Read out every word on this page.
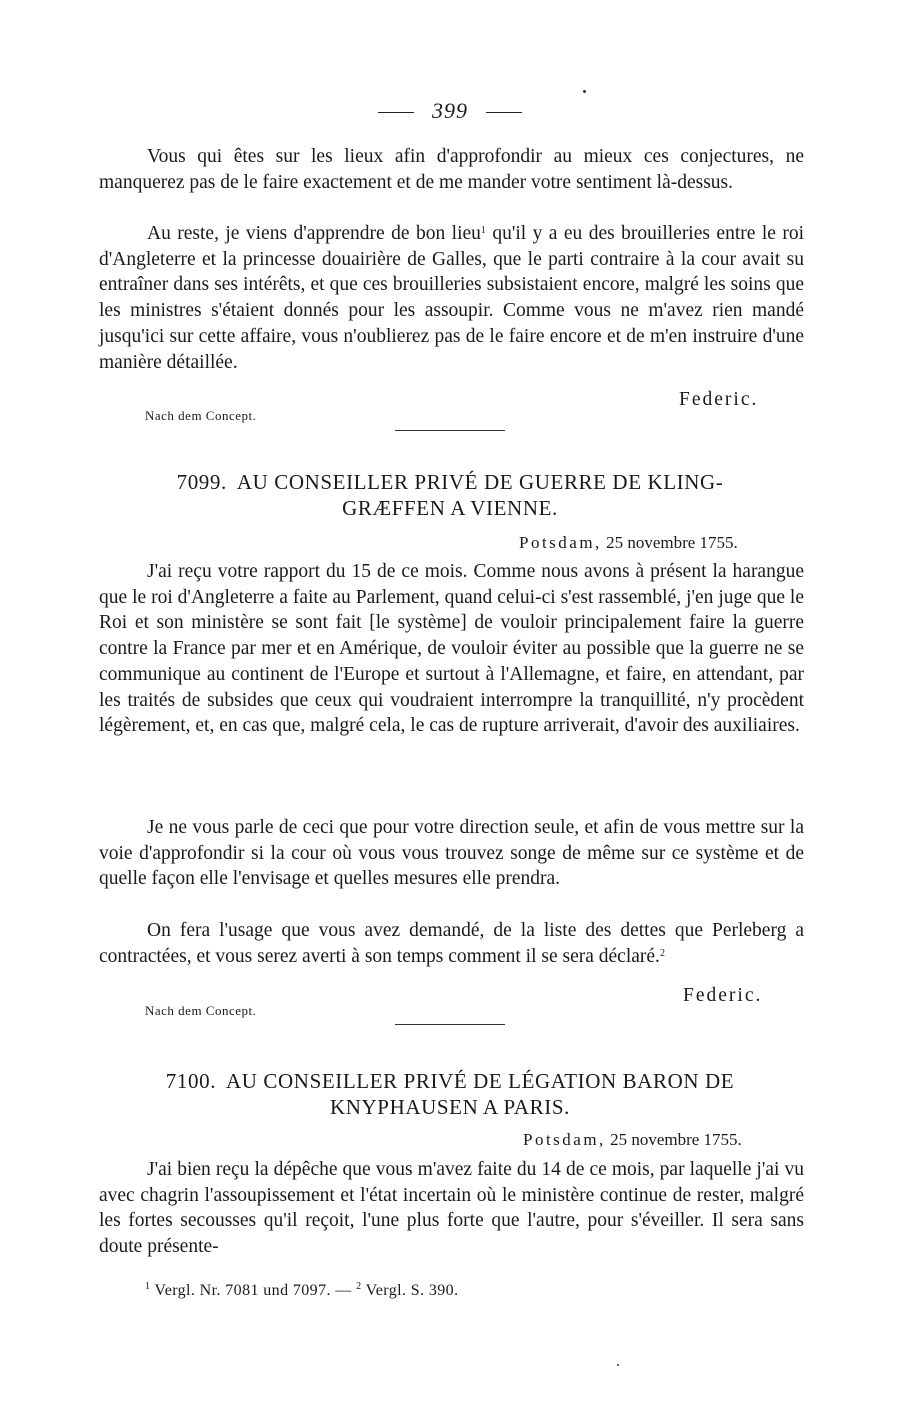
399

Vous qui êtes sur les lieux afin d'approfondir au mieux ces conjectures, ne manquerez pas de le faire exactement et de me mander votre sentiment là-dessus.

Au reste, je viens d'apprendre de bon lieu$^1$ qu'il y a eu des brouilleries entre le roi d'Angleterre et la princesse douairière de Galles, que le parti contraire à la cour avait su entraîner dans ses intérêts, et que ces brouilleries subsistaient encore, malgré les soins que les ministres s'étaient donnés pour les assoupir. Comme vous ne m'avez rien mandé jusqu'ici sur cette affaire, vous n'oublierez pas de le faire encore et de m'en instruire d'une manière détaillée.

Federic.
Nach dem Concept.
7099. AU CONSEILLER PRIVÉ DE GUERRE DE KLING-
GRÆFFEN A VIENNE.
Potsdam, 25 novembre 1755.

J'ai reçu votre rapport du 15 de ce mois. Comme nous avons à présent la harangue que le roi d'Angleterre a faite au Parlement, quand celui-ci s'est rassemblé, j'en juge que le Roi et son ministère se sont fait [le système] de vouloir principalement faire la guerre contre la France par mer et en Amérique, de vouloir éviter au possible que la guerre ne se communique au continent de l'Europe et surtout à l'Allemagne, et faire, en attendant, par les traités de subsides que ceux qui voudraient interrompre la tranquillité, n'y procèdent légèrement, et, en cas que, malgré cela, le cas de rupture arriverait, d'avoir des auxiliaires.

Je ne vous parle de ceci que pour votre direction seule, et afin de vous mettre sur la voie d'approfondir si la cour où vous vous trouvez songe de même sur ce système et de quelle façon elle l'envisage et quelles mesures elle prendra.

On fera l'usage que vous avez demandé, de la liste des dettes que Perleberg a contractées, et vous serez averti à son temps comment il se sera déclaré.$^2$

Federic.
Nach dem Concept.
7100. AU CONSEILLER PRIVÉ DE LÉGATION BARON DE
KNYPHAUSEN A PARIS.
Potsdam, 25 novembre 1755.

J'ai bien reçu la dépêche que vous m'avez faite du 14 de ce mois, par laquelle j'ai vu avec chagrin l'assoupissement et l'état incertain où le ministère continue de rester, malgré les fortes secousses qu'il reçoit, l'une plus forte que l'autre, pour s'éveiller. Il sera sans doute présente-

$^1$ Vergl. Nr. 7081 und 7097. — $^2$ Vergl. S. 390.
